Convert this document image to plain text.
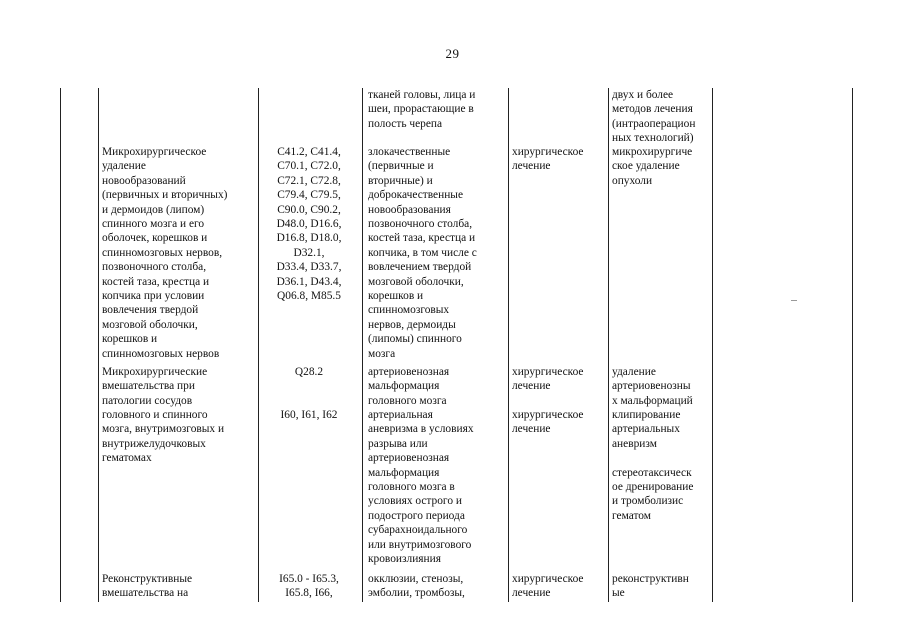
29
тканей головы, лица и
шеи, прорастающие в
полость черепа
двух и более
методов лечения
(интраоперацион
ных технологий)
Микрохирургическое
удаление
новообразований
(первичных и вторичных)
и дермоидов (липом)
спинного мозга и его
оболочек, корешков и
спинномозговых нервов,
позвоночного столба,
костей таза, крестца и
копчика при условии
вовлечения твердой
мозговой оболочки,
корешков и
спинномозговых нервов
C41.2, C41.4,
C70.1, C72.0,
C72.1, C72.8,
C79.4, C79.5,
C90.0, C90.2,
D48.0, D16.6,
D16.8, D18.0,
D32.1,
D33.4, D33.7,
D36.1, D43.4,
Q06.8, M85.5
злокачественные
(первичные и
вторичные) и
доброкачественные
новообразования
позвоночного столба,
костей таза, крестца и
копчика, в том числе с
вовлечением твердой
мозговой оболочки,
корешков и
спинномозговых
нервов, дермоиды
(липомы) спинного
мозга
хирургическое
лечение
микрохирургиче
ское удаление
опухоли
Микрохирургические
вмешательства при
патологии сосудов
Q28.2	артериовенозная
мальформация
головного мозга
хирургическое
лечение
удаление
артериовенозны
х мальформаций
головного и спинного
мозга, внутримозговых и
внутрижелудочковых
гематомах
I60, I61, I62	артериальная
аневризма в условиях
разрыва или
артериовенозная
мальформация
головного мозга в
условиях острого и
подострого периода
субарахноидального
или внутримозгового
кровоизлияния
хирургическое
лечение
клипирование
артериальных
аневризм

стереотаксическ
ое дренирование
и тромболизис
гематом
Реконструктивные
вмешательства на
I65.0 - I65.3,
I65.8, I66,
окклюзии, стенозы,
эмболии, тромбозы,
хирургическое
лечение
реконструктивн
ые
